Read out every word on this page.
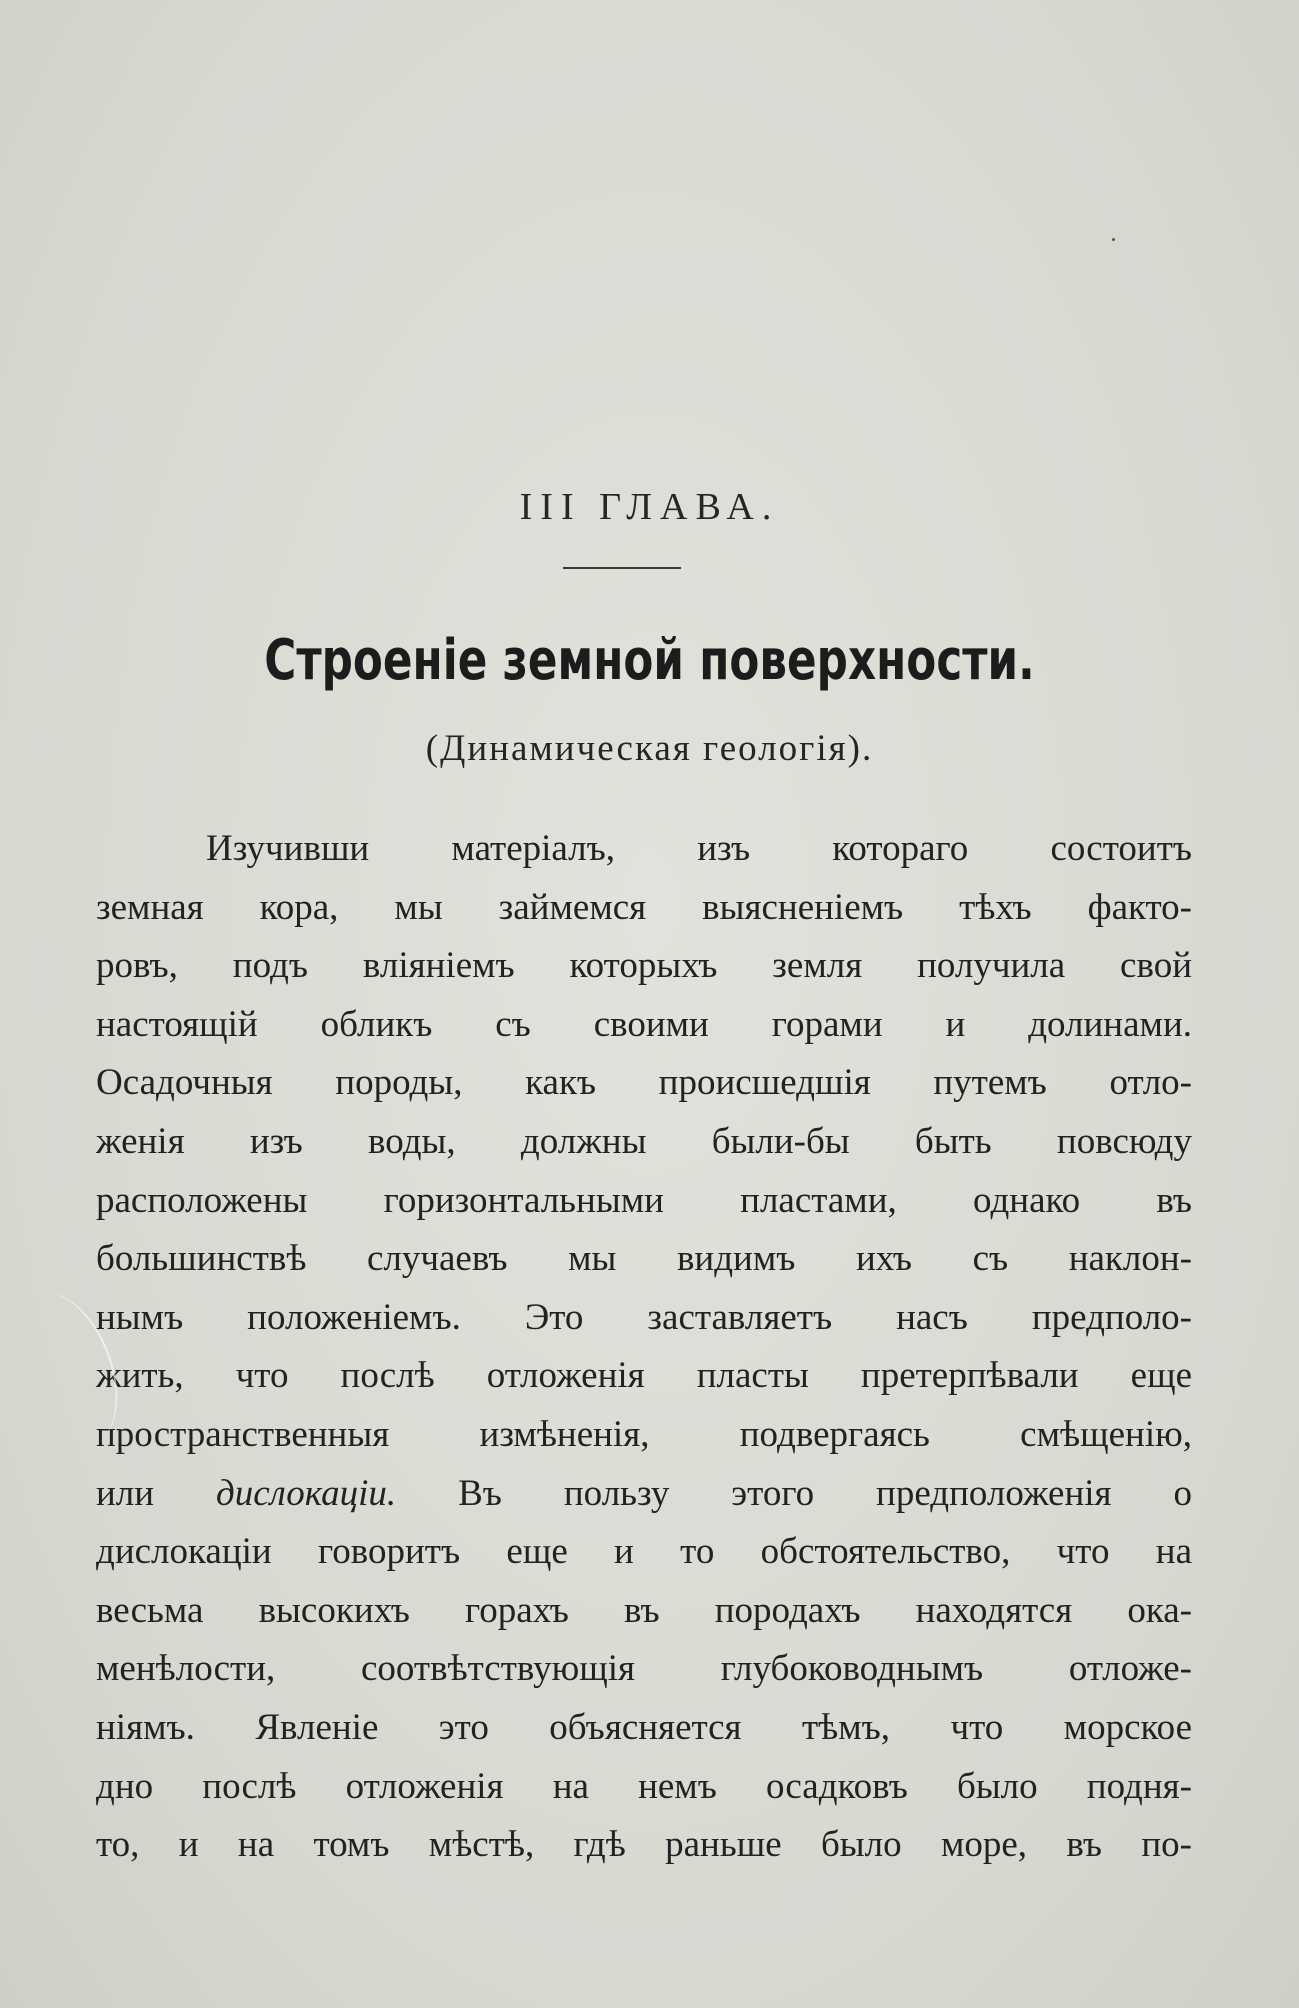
III ГЛАВА.
Строеніе земной поверхности.
(Динамическая геологія).
Изучивши матеріалъ, изъ котораго состоитъ
земная кора, мы займемся выясненіемъ тѣхъ факто-
ровъ, подъ вліяніемъ которыхъ земля получила свой
настоящій обликъ съ своими горами и долинами.
Осадочныя породы, какъ происшедшія путемъ отло-
женія изъ воды, должны были-бы быть повсюду
расположены горизонтальными пластами, однако въ
большинствѣ случаевъ мы видимъ ихъ съ наклон-
нымъ положеніемъ. Это заставляетъ насъ предполо-
жить, что послѣ отложенія пласты претерпѣвали еще
пространственныя измѣненія, подвергаясь смѣщенію,
или дислокаціи. Въ пользу этого предположенія о
дислокаціи говоритъ еще и то обстоятельство, что на
весьма высокихъ горахъ въ породахъ находятся ока-
менѣлости, соотвѣтствующія глубоководнымъ отложе-
ніямъ. Явленіе это объясняется тѣмъ, что морское
дно послѣ отложенія на немъ осадковъ было подня-
то, и на томъ мѣстѣ, гдѣ раньше было море, въ по-
